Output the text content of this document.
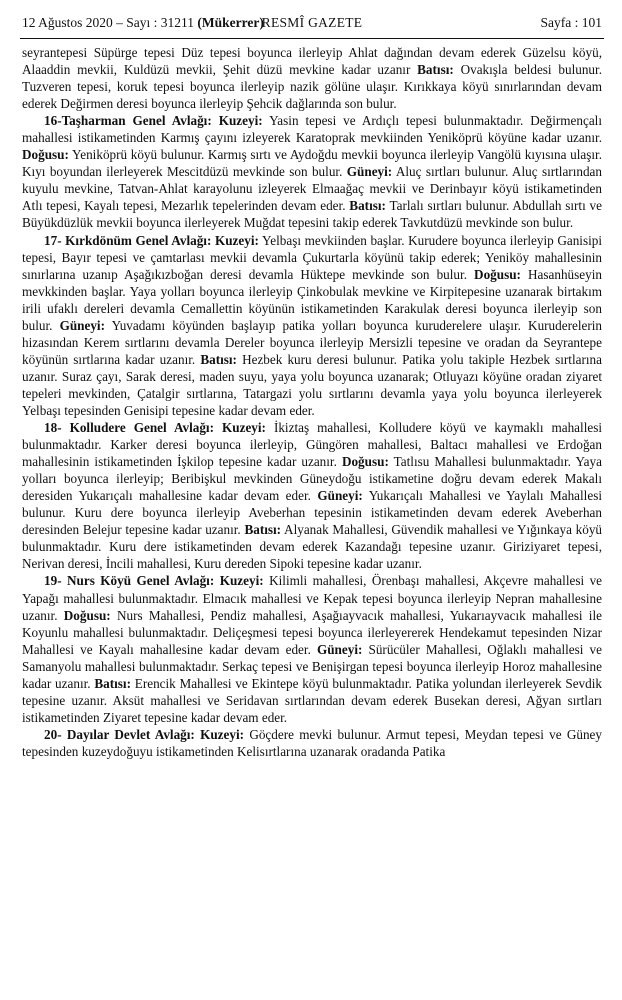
12 Ağustos 2020 – Sayı : 31211 (Mükerrer)
RESMÎ GAZETE	Sayfa : 101

seyrantepesi Süpürge tepesi Düz tepesi boyunca ilerleyip Ahlat dağından devam ederek Güzelsu köyü, Alaaddin mevkii, Kuldüzü mevkii, Şehit düzü mevkine kadar uzanır Batısı: Ovakışla beldesi bulunur. Tuzveren tepesi, koruk tepesi boyunca ilerleyip nazik gölüne ulaşır. Kırıkkaya köyü sınırlarından devam ederek Değirmen deresi boyunca ilerleyip Şehcik dağlarında son bulur.

16-Taşharman Genel Avlağı: Kuzeyi: Yasin tepesi ve Ardıçlı tepesi bulunmaktadır. Değirmençalı mahallesi istikametinden Karmış çayını izleyerek Karatoprak mevkiinden Yeniköprü köyüne kadar uzanır. Doğusu: Yeniköprü köyü bulunur. Karmış sırtı ve Aydoğdu mevkii boyunca ilerleyip Vangölü kıyısına ulaşır. Kıyı boyundan ilerleyerek Mescitdüzü mevkinde son bulur. Güneyi: Aluç sırtları bulunur. Aluç sırtlarından kuyulu mevkine, Tatvan-Ahlat karayolunu izleyerek Elmaağaç mevkii ve Derinbayır köyü istikametinden Atlı tepesi, Kayalı tepesi, Mezarlık tepelerinden devam eder. Batısı: Tarlalı sırtları bulunur. Abdullah sırtı ve Büyükdüzlük mevkii boyunca ilerleyerek Muğdat tepesini takip ederek Tavkutdüzü mevkinde son bulur.

17- Kırkdönüm Genel Avlağı: Kuzeyi: Yelbaşı mevkiinden başlar. Kurudere boyunca ilerleyip Ganisipi tepesi, Bayır tepesi ve çamtarlası mevkii devamla Çukurtarla köyünü takip ederek; Yeniköy mahallesinin sınırlarına uzanıp Aşağıkızboğan deresi devamla Hüktepe mevkinde son bulur. Doğusu: Hasanhüseyin mevkkinden başlar. Yaya yolları boyunca ilerleyip Çinkobulak mevkine ve Kirpitepesine uzanarak birtakım irili ufaklı dereleri devamla Cemallettin köyünün istikametinden Karakulak deresi boyunca ilerleyip son bulur. Güneyi: Yuvadamı köyünden başlayıp patika yolları boyunca kuruderelere ulaşır. Kuruderelerin hizasından Kerem sırtlarını devamla Dereler boyunca ilerleyip Mersizli tepesine ve oradan da Seyrantepe köyünün sırtlarına kadar uzanır. Batısı: Hezbek kuru deresi bulunur. Patika yolu takiple Hezbek sırtlarına uzanır. Suraz çayı, Sarak deresi, maden suyu, yaya yolu boyunca uzanarak; Otluyazı köyüne oradan ziyaret tepeleri mevkinden, Çatalgir sırtlarına, Tatargazi yolu sırtlarını devamla yaya yolu boyunca ilerleyerek Yelbaşı tepesinden Genisipi tepesine kadar devam eder.

18- Kolludere Genel Avlağı: Kuzeyi: İkiztaş mahallesi, Kolludere köyü ve kaymaklı mahallesi bulunmaktadır. Karker deresi boyunca ilerleyip, Güngören mahallesi, Baltacı mahallesi ve Erdoğan mahallesinin istikametinden İşkilop tepesine kadar uzanır. Doğusu: Tatlısu Mahallesi bulunmaktadır. Yaya yolları boyunca ilerleyip; Beribişkul mevkinden Güneydoğu istikametine doğru devam ederek Makalı deresiden Yukarıçalı mahallesine kadar devam eder. Güneyi: Yukarıçalı Mahallesi ve Yaylalı Mahallesi bulunur. Kuru dere boyunca ilerleyip Aveberhan tepesinin istikametinden devam ederek Aveberhan deresinden Belejur tepesine kadar uzanır. Batısı: Alyanak Mahallesi, Güvendik mahallesi ve Yığınkaya köyü bulunmaktadır. Kuru dere istikametinden devam ederek Kazandağı tepesine uzanır. Giriziyaret tepesi, Nerivan deresi, İncili mahallesi, Kuru dereden Sipoki tepesine kadar uzanır.

19- Nurs Köyü Genel Avlağı: Kuzeyi: Kilimli mahallesi, Örenbaşı mahallesi, Akçevre mahallesi ve Yapağı mahallesi bulunmaktadır. Elmacık mahallesi ve Kepak tepesi boyunca ilerleyip Nepran mahallesine uzanır. Doğusu: Nurs Mahallesi, Pendiz mahallesi, Aşağıayvacık mahallesi, Yukarıayvacık mahallesi ile Koyunlu mahallesi bulunmaktadır. Deliçeşmesi tepesi boyunca ilerleyererek Hendekamut tepesinden Nizar Mahallesi ve Kayalı mahallesine kadar devam eder. Güneyi: Sürücüler Mahallesi, Oğlaklı mahallesi ve Samanyolu mahallesi bulunmaktadır. Serkaç tepesi ve Benişirgan tepesi boyunca ilerleyip Horoz mahallesine kadar uzanır. Batısı: Erencik Mahallesi ve Ekintepe köyü bulunmaktadır. Patika yolundan ilerleyerek Sevdik tepesine uzanır. Aksüt mahallesi ve Seridavan sırtlarından devam ederek Busekan deresi, Ağyan sırtları istikametinden Ziyaret tepesine kadar devam eder.

20- Dayılar Devlet Avlağı: Kuzeyi: Göçdere mevki bulunur. Armut tepesi, Meydan tepesi ve Güney tepesinden kuzeydoğuyu istikametinden Kelisırtlarına uzanarak oradanda Patika
